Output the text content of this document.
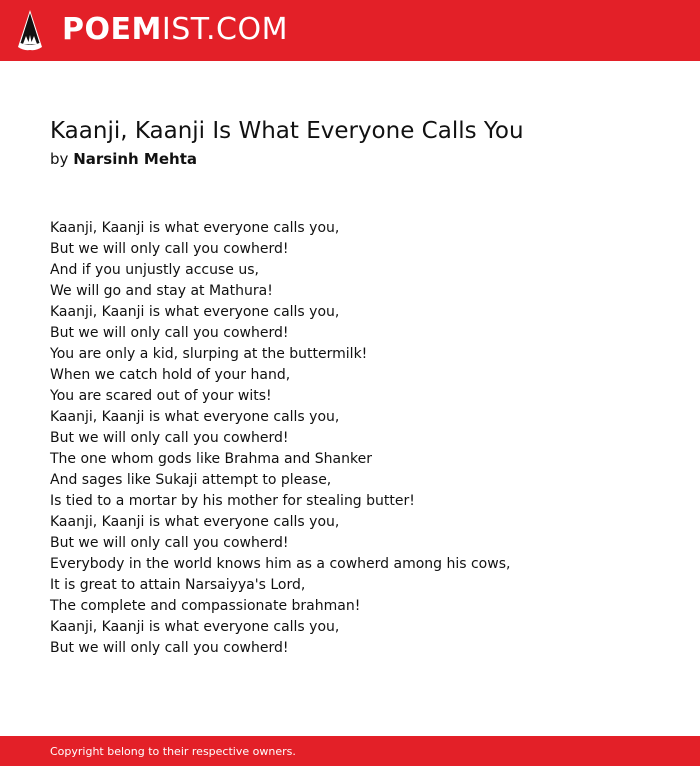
POEMIST.COM
Kaanji, Kaanji Is What Everyone Calls You
by Narsinh Mehta
Kaanji, Kaanji is what everyone calls you,
But we will only call you cowherd!
And if you unjustly accuse us,
We will go and stay at Mathura!
Kaanji, Kaanji is what everyone calls you,
But we will only call you cowherd!
You are only a kid, slurping at the buttermilk!
When we catch hold of your hand,
You are scared out of your wits!
Kaanji, Kaanji is what everyone calls you,
But we will only call you cowherd!
The one whom gods like Brahma and Shanker
And sages like Sukaji attempt to please,
Is tied to a mortar by his mother for stealing butter!
Kaanji, Kaanji is what everyone calls you,
But we will only call you cowherd!
Everybody in the world knows him as a cowherd among his cows,
It is great to attain Narsaiyya's Lord,
The complete and compassionate brahman!
Kaanji, Kaanji is what everyone calls you,
But we will only call you cowherd!
Copyright belong to their respective owners.
